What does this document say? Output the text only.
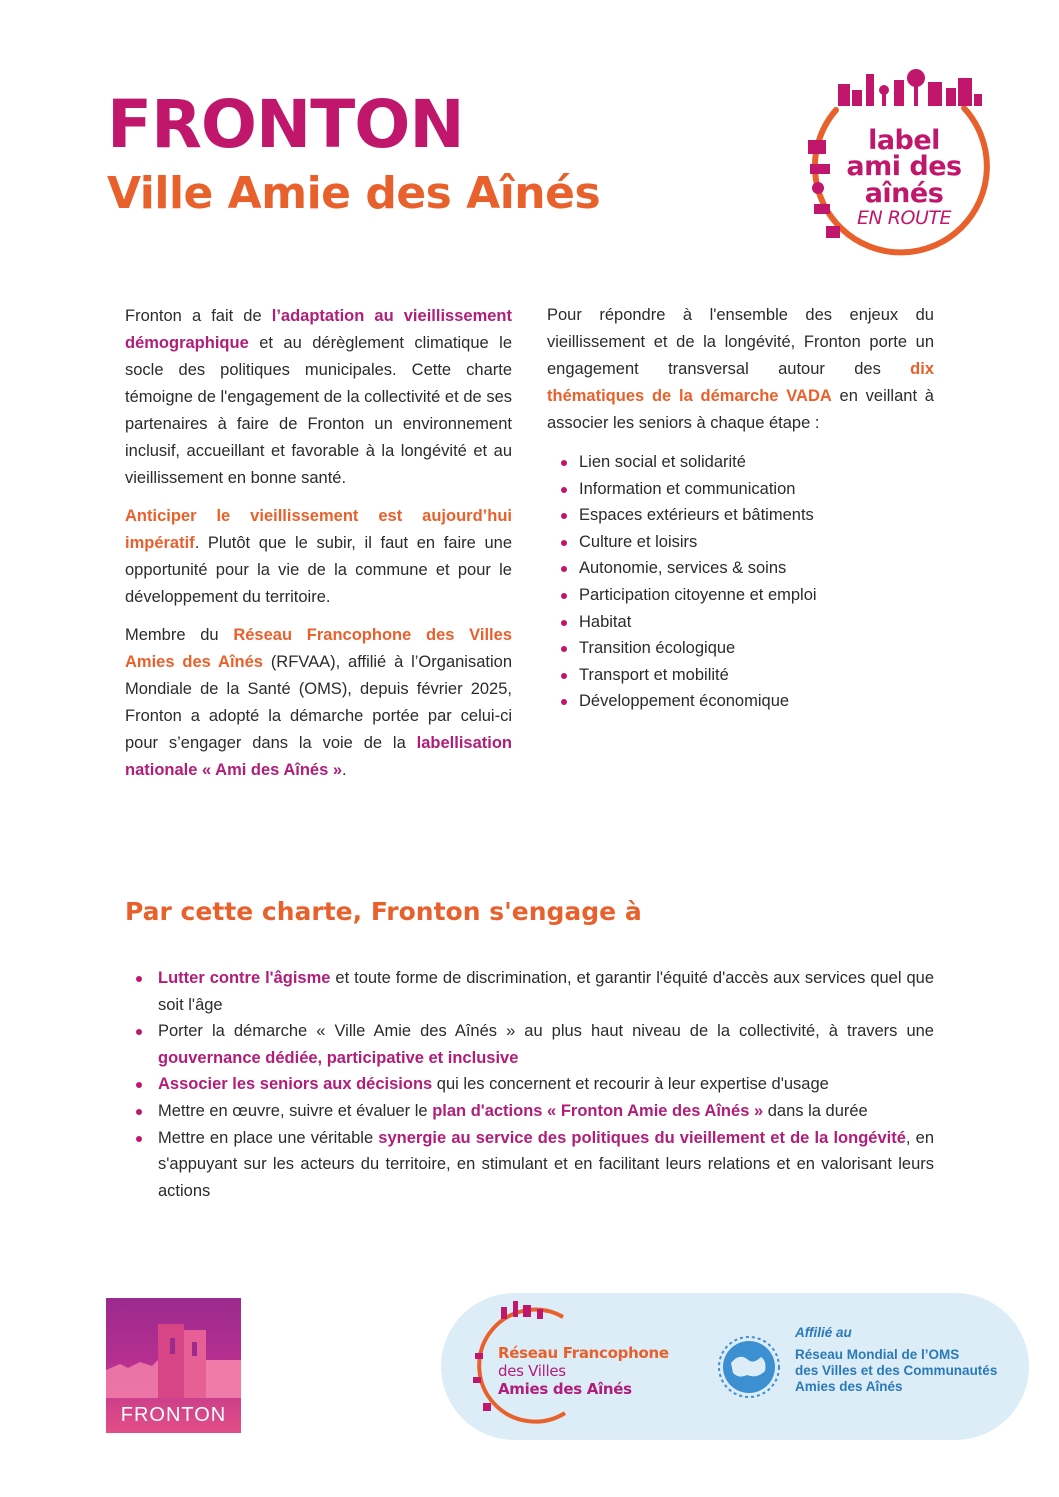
FRONTON
Ville Amie des Aînés
label
ami des
aînés
EN ROUTE

Fronton a fait de l’adaptation au vieillissement démographique et au dérèglement climatique le socle des politiques municipales. Cette charte témoigne de l'engagement de la collectivité et de ses partenaires à faire de Fronton un environnement inclusif, accueillant et favorable à la longévité et au vieillissement en bonne santé.

Anticiper le vieillissement est aujourd’hui impératif. Plutôt que le subir, il faut en faire une opportunité pour la vie de la commune et pour le développement du territoire.

Membre du Réseau Francophone des Villes Amies des Aînés (RFVAA), affilié à l’Organisation Mondiale de la Santé (OMS), depuis février 2025, Fronton a adopté la démarche portée par celui-ci pour s’engager dans la voie de la labellisation nationale « Ami des Aînés ».

Pour répondre à l'ensemble des enjeux du vieillissement et de la longévité, Fronton porte un engagement transversal autour des dix thématiques de la démarche VADA en veillant à associer les seniors à chaque étape :

Lien social et solidarité
Information et communication
Espaces extérieurs et bâtiments
Culture et loisirs
Autonomie, services & soins
Participation citoyenne et emploi
Habitat
Transition écologique
Transport et mobilité
Développement économique
Par cette charte, Fronton s'engage à
Lutter contre l'âgisme et toute forme de discrimination, et garantir l'équité d'accès aux services quel que soit l'âge
Porter la démarche « Ville Amie des Aînés » au plus haut niveau de la collectivité, à travers une gouvernance dédiée, participative et inclusive
Associer les seniors aux décisions qui les concernent et recourir à leur expertise d'usage
Mettre en œuvre, suivre et évaluer le plan d'actions « Fronton Amie des Aînés » dans la durée
Mettre en place une véritable synergie au service des politiques du vieillement et de la longévité, en s'appuyant sur les acteurs du territoire, en stimulant et en facilitant leurs relations et en valorisant leurs actions
FRONTON
Réseau Francophone
des Villes
Amies des Aînés
Affilié au
Réseau Mondial de l’OMS
des Villes et des Communautés
Amies des Aînés
